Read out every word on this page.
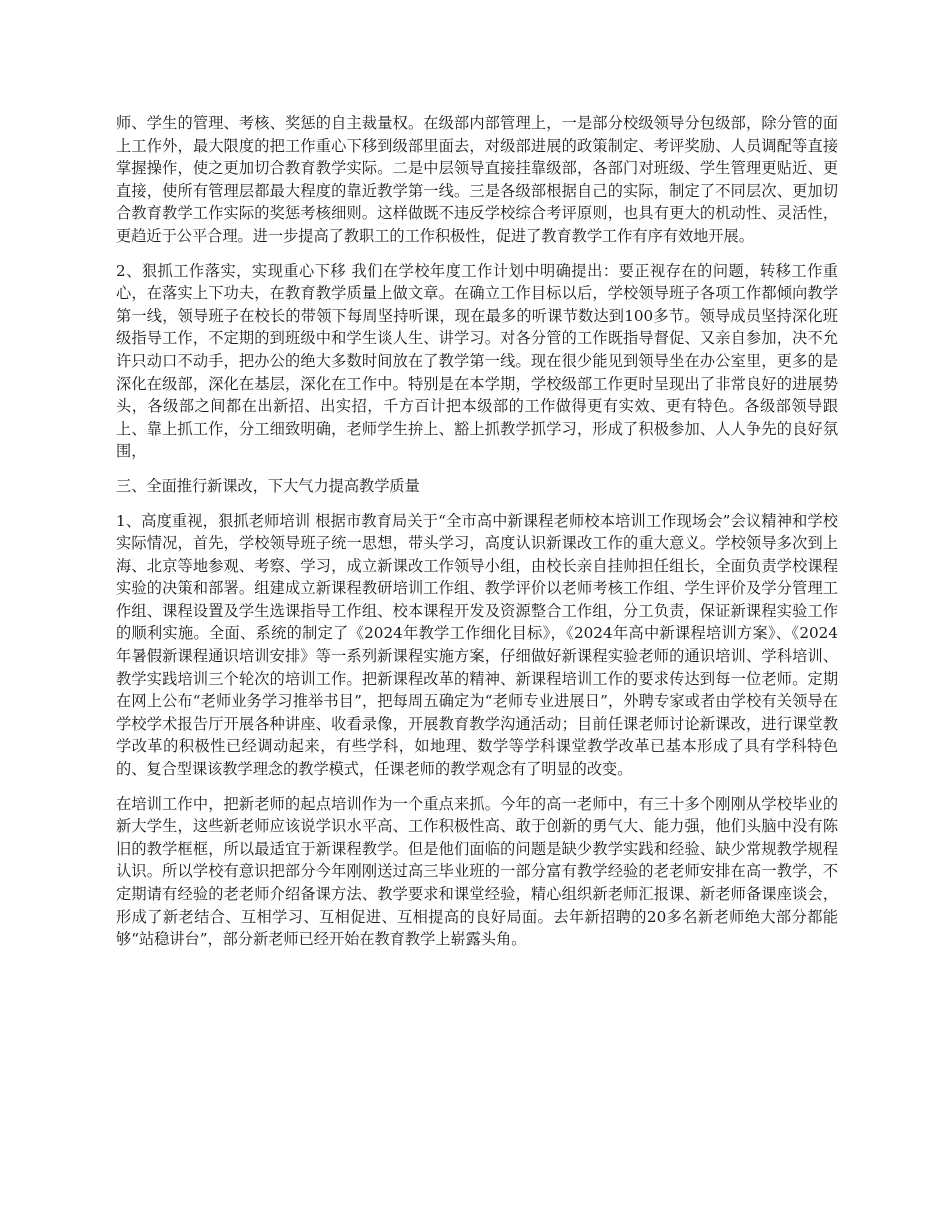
师、学生的管理、考核、奖惩的自主裁量权。在级部内部管理上，一是部分校级领导分包级部，除分管的面上工作外，最大限度的把工作重心下移到级部里面去，对级部进展的政策制定、考评奖励、人员调配等直接掌握操作，使之更加切合教育教学实际。二是中层领导直接挂靠级部，各部门对班级、学生管理更贴近、更直接，使所有管理层都最大程度的靠近教学第一线。三是各级部根据自己的实际，制定了不同层次、更加切合教育教学工作实际的奖惩考核细则。这样做既不违反学校综合考评原则，也具有更大的机动性、灵活性，更趋近于公平合理。进一步提高了教职工的工作积极性，促进了教育教学工作有序有效地开展。

2、狠抓工作落实，实现重心下移 我们在学校年度工作计划中明确提出：要正视存在的问题，转移工作重心，在落实上下功夫，在教育教学质量上做文章。在确立工作目标以后，学校领导班子各项工作都倾向教学第一线，领导班子在校长的带领下每周坚持听课，现在最多的听课节数达到100多节。领导成员坚持深化班级指导工作，不定期的到班级中和学生谈人生、讲学习。对各分管的工作既指导督促、又亲自参加，决不允许只动口不动手，把办公的绝大多数时间放在了教学第一线。现在很少能见到领导坐在办公室里，更多的是深化在级部，深化在基层，深化在工作中。特别是在本学期，学校级部工作更时呈现出了非常良好的进展势头，各级部之间都在出新招、出实招，千方百计把本级部的工作做得更有实效、更有特色。各级部领导跟上、靠上抓工作，分工细致明确，老师学生拚上、豁上抓教学抓学习，形成了积极参加、人人争先的良好氛围，

三、全面推行新课改，下大气力提高教学质量

1、高度重视，狠抓老师培训 根据市教育局关于“全市高中新课程老师校本培训工作现场会”会议精神和学校实际情况，首先，学校领导班子统一思想，带头学习，高度认识新课改工作的重大意义。学校领导多次到上海、北京等地参观、考察、学习，成立新课改工作领导小组，由校长亲自挂帅担任组长，全面负责学校课程实验的决策和部署。组建成立新课程教研培训工作组、教学评价以老师考核工作组、学生评价及学分管理工作组、课程设置及学生选课指导工作组、校本课程开发及资源整合工作组，分工负责，保证新课程实验工作的顺利实施。全面、系统的制定了《2024年教学工作细化目标》，《2024年高中新课程培训方案》、《2024年暑假新课程通识培训安排》等一系列新课程实施方案，仔细做好新课程实验老师的通识培训、学科培训、教学实践培训三个轮次的培训工作。把新课程改革的精神、新课程培训工作的要求传达到每一位老师。定期在网上公布“老师业务学习推举书目”，把每周五确定为“老师专业进展日”，外聘专家或者由学校有关领导在学校学术报告厅开展各种讲座、收看录像，开展教育教学沟通活动；目前任课老师讨论新课改，进行课堂教学改革的积极性已经调动起来，有些学科，如地理、数学等学科课堂教学改革已基本形成了具有学科特色的、复合型课该教学理念的教学模式，任课老师的教学观念有了明显的改变。

在培训工作中，把新老师的起点培训作为一个重点来抓。今年的高一老师中，有三十多个刚刚从学校毕业的新大学生，这些新老师应该说学识水平高、工作积极性高、敢于创新的勇气大、能力强，他们头脑中没有陈旧的教学框框，所以最适宜于新课程教学。但是他们面临的问题是缺少教学实践和经验、缺少常规教学规程认识。所以学校有意识把部分今年刚刚送过高三毕业班的一部分富有教学经验的老老师安排在高一教学，不定期请有经验的老老师介绍备课方法、教学要求和课堂经验，精心组织新老师汇报课、新老师备课座谈会，形成了新老结合、互相学习、互相促进、互相提高的良好局面。去年新招聘的20多名新老师绝大部分都能够“站稳讲台”，部分新老师已经开始在教育教学上崭露头角。
